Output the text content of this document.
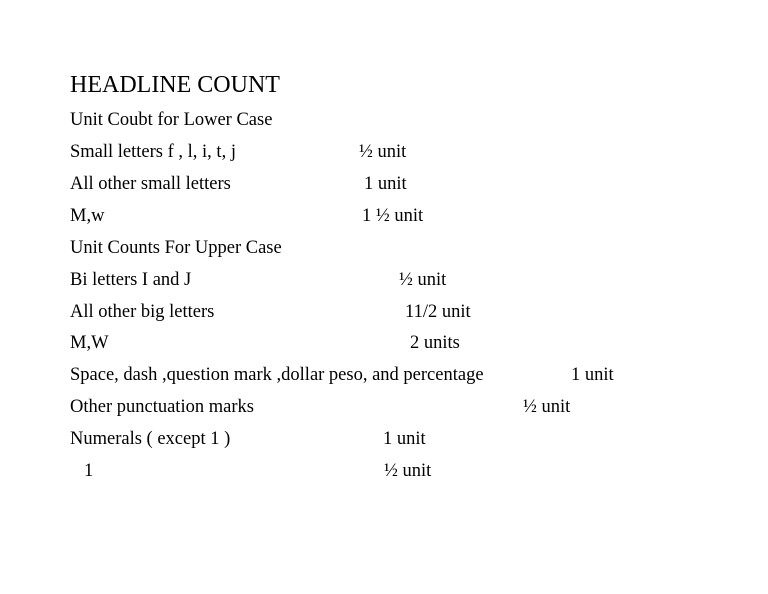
HEADLINE COUNT
Unit Coubt for Lower Case
Small letters f , l, i, t, j	½ unit
All other small letters	1 unit
M,w	1 ½ unit
Unit Counts For Upper Case
Bi letters I and J	½ unit
All other big letters	11/2 unit
M,W	2 units
Space, dash ,question mark ,dollar peso, and percentage	1 unit
Other punctuation marks	½ unit
Numerals ( except 1 )	1 unit
1	½ unit
